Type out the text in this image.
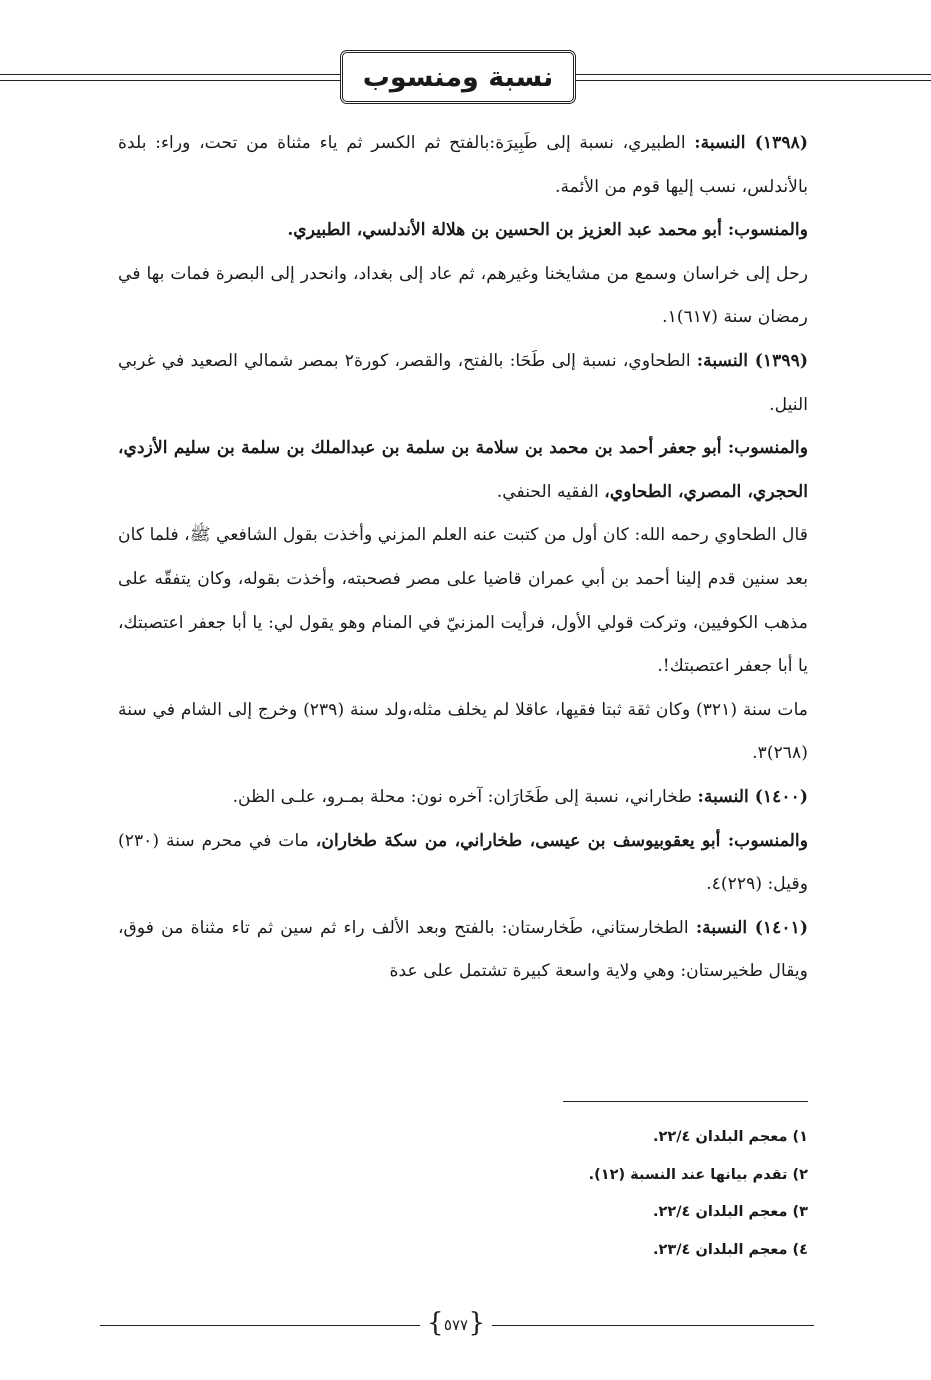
نسبة ومنسوب

(١٣٩٨) النسبة: الطبيري، نسبة إلى طَبِيرَة:بالفتح ثم الكسر ثم ياء مثناة من تحت، وراء: بلدة بالأندلس، نسب إليها قوم من الأئمة.

والمنسوب: أبو محمد عبد العزيز بن الحسين بن هلالة الأندلسي، الطبيري.

رحل إلى خراسان وسمع من مشايخنا وغيرهم، ثم عاد إلى بغداد، وانحدر إلى البصرة فمات بها في رمضان سنة (٦١٧)١.

(١٣٩٩) النسبة: الطحاوي، نسبة إلى طَحَا: بالفتح، والقصر، كورة٢ بمصر شمالي الصعيد في غربي النيل.

والمنسوب: أبو جعفر أحمد بن محمد بن سلامة بن سلمة بن عبدالملك بن سلمة بن سليم الأزدي، الحجري، المصري، الطحاوي، الفقيه الحنفي.

قال الطحاوي رحمه الله: كان أول من كتبت عنه العلم المزني وأخذت بقول الشافعي ﷺ، فلما كان بعد سنين قدم إلينا أحمد بن أبي عمران قاضيا على مصر فصحبته، وأخذت بقوله، وكان يتفقّه على مذهب الكوفيين، وتركت قولي الأول، فرأيت المزنيّ في المنام وهو يقول لي: يا أبا جعفر اعتصبتك، يا أبا جعفر اعتصبتك!.

مات سنة (٣٢١) وكان ثقة ثبتا فقيها، عاقلا لم يخلف مثله،ولد سنة (٢٣٩) وخرج إلى الشام في سنة (٢٦٨)٣.

(١٤٠٠) النسبة: طخاراني، نسبة إلى طَخَارَان: آخره نون: محلة بمـرو، علـى الظن.

والمنسوب: أبو يعقوبيوسف بن عيسى، طخاراني، من سكة طخاران، مات في محرم سنة (٢٣٠) وقيل: (٢٢٩)٤.

(١٤٠١) النسبة: الطخارستاني، طَخارستان: بالفتح وبعد الألف راء ثم سين ثم تاء مثناة من فوق، ويقال طخيرستان: وهي ولاية واسعة كبيرة تشتمل على عدة

١) معجم البلدان ٢٢/٤.

٢) تقدم بيانها عند النسبة (١٢).

٣) معجم البلدان ٢٢/٤.

٤) معجم البلدان ٢٣/٤.

{
٥٧٧
}
